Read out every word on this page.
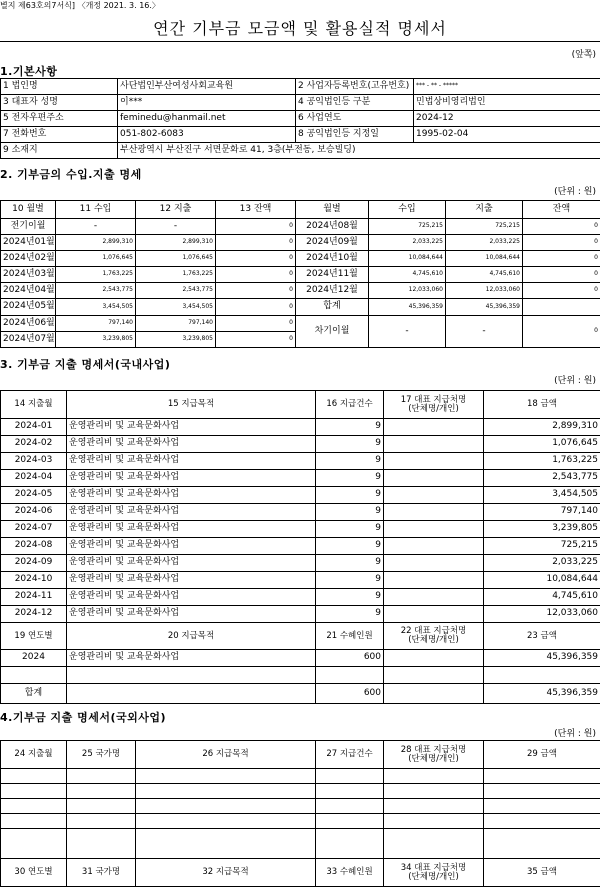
별지 제63호의7서식] 〈개정 2021. 3. 16.〉
연간 기부금 모금액 및 활용실적 명세서
(앞쪽)
1.기본사항
1 법인명	사단법인부산여성사회교육원	2 사업자등록번호(고유번호)	*** - ** - *****
3 대표자 성명	이***	4 공익법인등 구분	민법상비영리법인
5 전자우편주소	feminedu@hanmail.net	6 사업연도	2024-12
7 전화번호	051-802-6083	8 공익법인등 지정일	1995-02-04
9 소재지	부산광역시 부산진구 서면문화로 41, 3층(부전동, 보승빌딩)		
2. 기부금의 수입.지출 명세
(단위 : 원)
10 월별	11 수입	12 지출	13 잔액	월별	수입	지출	잔액
전기이월	-	-	0	2024년08월	725,215	725,215	0
2024년01월	2,899,310	2,899,310	0	2024년09월	2,033,225	2,033,225	0
2024년02월	1,076,645	1,076,645	0	2024년10월	10,084,644	10,084,644	0
2024년03월	1,763,225	1,763,225	0	2024년11월	4,745,610	4,745,610	0
2024년04월	2,543,775	2,543,775	0	2024년12월	12,033,060	12,033,060	0
2024년05월	3,454,505	3,454,505	0	합계	45,396,359	45,396,359	
2024년06월	797,140	797,140	0	차기이월	-	-	0
2024년07월	3,239,805	3,239,805	0				
3. 기부금 지출 명세서(국내사업)
(단위 : 원)
14 지출월	15 지급목적	16 지급건수	17 대표 지급처명
(단체명/개인)	18 금액
2024-01	운영관리비 및 교육문화사업	9		2,899,310
2024-02	운영관리비 및 교육문화사업	9		1,076,645
2024-03	운영관리비 및 교육문화사업	9		1,763,225
2024-04	운영관리비 및 교육문화사업	9		2,543,775
2024-05	운영관리비 및 교육문화사업	9		3,454,505
2024-06	운영관리비 및 교육문화사업	9		797,140
2024-07	운영관리비 및 교육문화사업	9		3,239,805
2024-08	운영관리비 및 교육문화사업	9		725,215
2024-09	운영관리비 및 교육문화사업	9		2,033,225
2024-10	운영관리비 및 교육문화사업	9		10,084,644
2024-11	운영관리비 및 교육문화사업	9		4,745,610
2024-12	운영관리비 및 교육문화사업	9		12,033,060
19 연도별	20 지급목적	21 수혜인원	22 대표 지급처명
(단체명/개인)	23 금액
2024	운영관리비 및 교육문화사업	600		45,396,359

합계		600		45,396,359
4.기부금 지출 명세서(국외사업)
(단위 : 원)
24 지출월	25 국가명	26 지급목적	27 지급건수	28 대표 지급처명
(단체명/개인)	29 금액

30 연도별	31 국가명	32 지급목적	33 수혜인원	34 대표 지급처명
(단체명/개인)	35 금액
